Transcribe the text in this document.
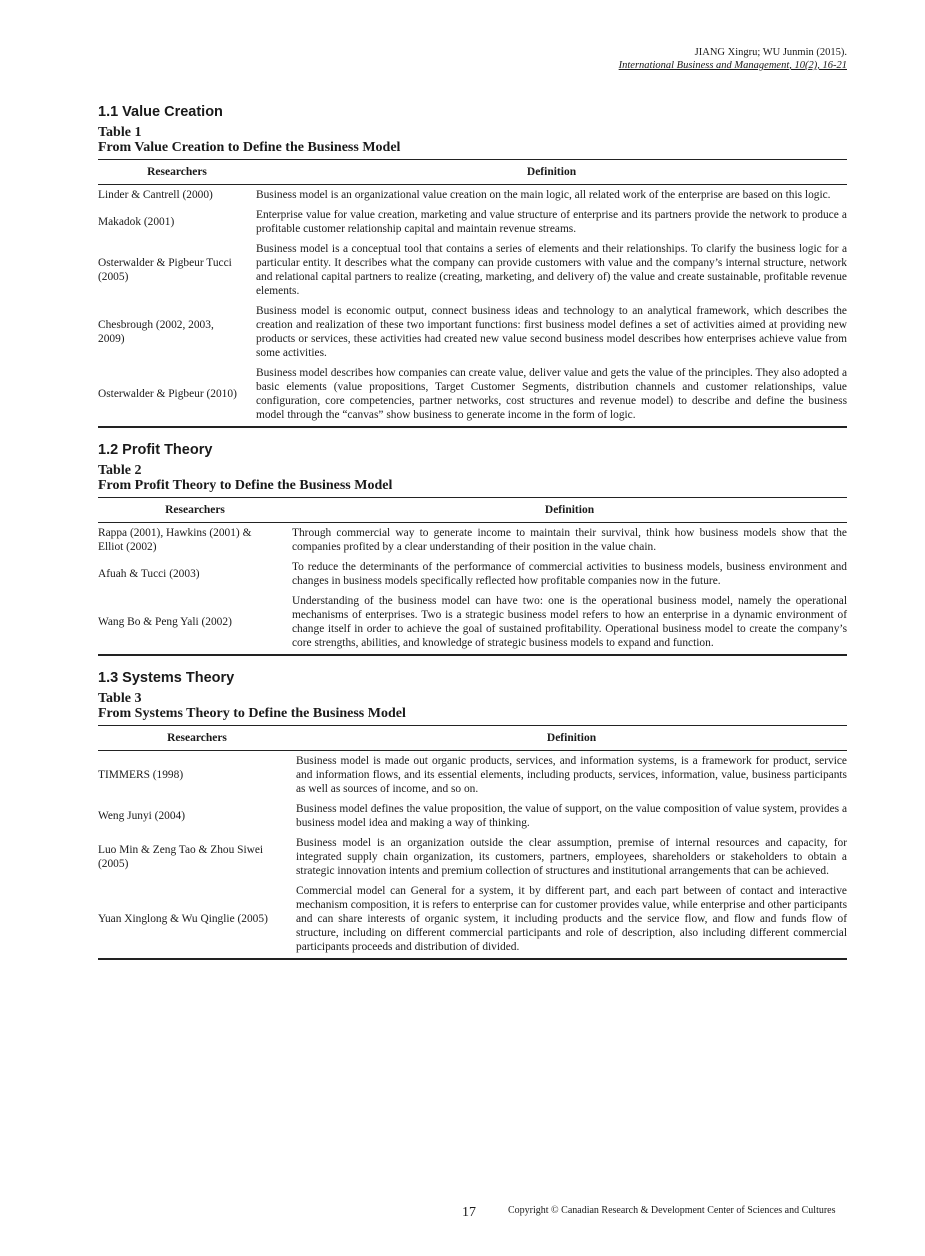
JIANG Xingru; WU Junmin (2015).
International Business and Management, 10(2), 16-21
1.1 Value Creation
Table 1
From Value Creation to Define the Business Model
Researchers	Definition
Linder & Cantrell (2000)	Business model is an organizational value creation on the main logic, all related work of the enterprise are based on this logic.
Makadok (2001)	Enterprise value for value creation, marketing and value structure of enterprise and its partners provide the network to produce a profitable customer relationship capital and maintain revenue streams.
Osterwalder & Pigbeur Tucci (2005)	Business model is a conceptual tool that contains a series of elements and their relationships. To clarify the business logic for a particular entity. It describes what the company can provide customers with value and the company’s internal structure, network and relational capital partners to realize (creating, marketing, and delivery of) the value and create sustainable, profitable revenue elements.
Chesbrough (2002, 2003, 2009)	Business model is economic output, connect business ideas and technology to an analytical framework, which describes the creation and realization of these two important functions: first business model defines a set of activities aimed at providing new products or services, these activities had created new value second business model describes how enterprises achieve value from some activities.
Osterwalder & Pigbeur (2010)	Business model describes how companies can create value, deliver value and gets the value of the principles. They also adopted a basic elements (value propositions, Target Customer Segments, distribution channels and customer relationships, value configuration, core competencies, partner networks, cost structures and revenue model) to describe and define the business model through the “canvas” show business to generate income in the form of logic.
1.2 Profit Theory
Table 2
From Profit Theory to Define the Business Model
Researchers	Definition
Rappa (2001), Hawkins (2001) & Elliot (2002)	Through commercial way to generate income to maintain their survival, think how business models show that the companies profited by a clear understanding of their position in the value chain.
Afuah & Tucci (2003)	To reduce the determinants of the performance of commercial activities to business models, business environment and changes in business models specifically reflected how profitable companies now in the future.
Wang Bo & Peng Yali (2002)	Understanding of the business model can have two: one is the operational business model, namely the operational mechanisms of enterprises. Two is a strategic business model refers to how an enterprise in a dynamic environment of change itself in order to achieve the goal of sustained profitability. Operational business model to create the company’s core strengths, abilities, and knowledge of strategic business models to expand and function.
1.3 Systems Theory
Table 3
From Systems Theory to Define the Business Model
Researchers	Definition
TIMMERS (1998)	Business model is made out organic products, services, and information systems, is a framework for product, service and information flows, and its essential elements, including products, services, information, value, business participants as well as sources of income, and so on.
Weng Junyi (2004)	Business model defines the value proposition, the value of support, on the value composition of value system, provides a business model idea and making a way of thinking.
Luo Min & Zeng Tao & Zhou Siwei (2005)	Business model is an organization outside the clear assumption, premise of internal resources and capacity, for integrated supply chain organization, its customers, partners, employees, shareholders or stakeholders to obtain a strategic innovation intents and premium collection of structures and institutional arrangements that can be achieved.
Yuan Xinglong & Wu Qinglie (2005)	Commercial model can General for a system, it by different part, and each part between of contact and interactive mechanism composition, it is refers to enterprise can for customer provides value, while enterprise and other participants and can share interests of organic system, it including products and the service flow, and flow and funds flow of structure, including on different commercial participants and role of description, also including different commercial participants proceeds and distribution of divided.
17	Copyright © Canadian Research & Development Center of Sciences and Cultures
